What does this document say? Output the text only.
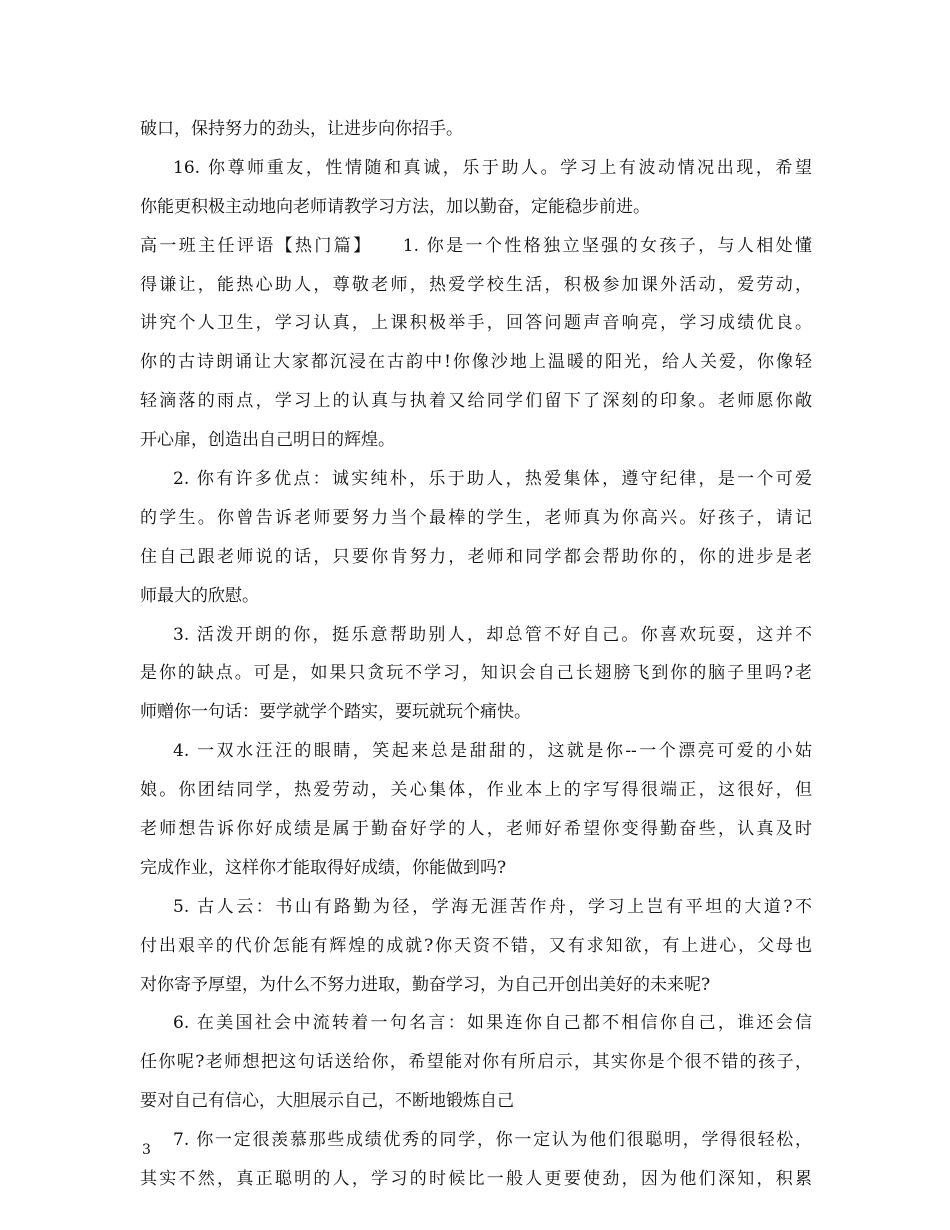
破口，保持努力的劲头，让进步向你招手。
16. 你尊师重友，性情随和真诚，乐于助人。学习上有波动情况出现，希望
你能更积极主动地向老师请教学习方法，加以勤奋，定能稳步前进。
高一班主任评语【热门篇】　　1. 你是一个性格独立坚强的女孩子，与人相处懂
得谦让，能热心助人，尊敬老师，热爱学校生活，积极参加课外活动，爱劳动，
讲究个人卫生，学习认真，上课积极举手，回答问题声音响亮，学习成绩优良。
你的古诗朗诵让大家都沉浸在古韵中!你像沙地上温暖的阳光，给人关爱，你像轻
轻滴落的雨点，学习上的认真与执着又给同学们留下了深刻的印象。老师愿你敞
开心扉，创造出自己明日的辉煌。
2. 你有许多优点：诚实纯朴，乐于助人，热爱集体，遵守纪律，是一个可爱
的学生。你曾告诉老师要努力当个最棒的学生，老师真为你高兴。好孩子，请记
住自己跟老师说的话，只要你肯努力，老师和同学都会帮助你的，你的进步是老
师最大的欣慰。
3. 活泼开朗的你，挺乐意帮助别人，却总管不好自己。你喜欢玩耍，这并不
是你的缺点。可是，如果只贪玩不学习，知识会自己长翅膀飞到你的脑子里吗?老
师赠你一句话：要学就学个踏实，要玩就玩个痛快。
4. 一双水汪汪的眼睛，笑起来总是甜甜的，这就是你--一个漂亮可爱的小姑
娘。你团结同学，热爱劳动，关心集体，作业本上的字写得很端正，这很好，但
老师想告诉你好成绩是属于勤奋好学的人，老师好希望你变得勤奋些，认真及时
完成作业，这样你才能取得好成绩，你能做到吗?
5. 古人云：书山有路勤为径，学海无涯苦作舟，学习上岂有平坦的大道?不
付出艰辛的代价怎能有辉煌的成就?你天资不错，又有求知欲，有上进心，父母也
对你寄予厚望，为什么不努力进取，勤奋学习，为自己开创出美好的未来呢?
6. 在美国社会中流转着一句名言：如果连你自己都不相信你自己，谁还会信
任你呢?老师想把这句话送给你，希望能对你有所启示，其实你是个很不错的孩子，
要对自己有信心，大胆展示自己，不断地锻炼自己
7. 你一定很羡慕那些成绩优秀的同学，你一定认为他们很聪明，学得很轻松，
其实不然，真正聪明的人，学习的时候比一般人更要使劲，因为他们深知，积累
3
